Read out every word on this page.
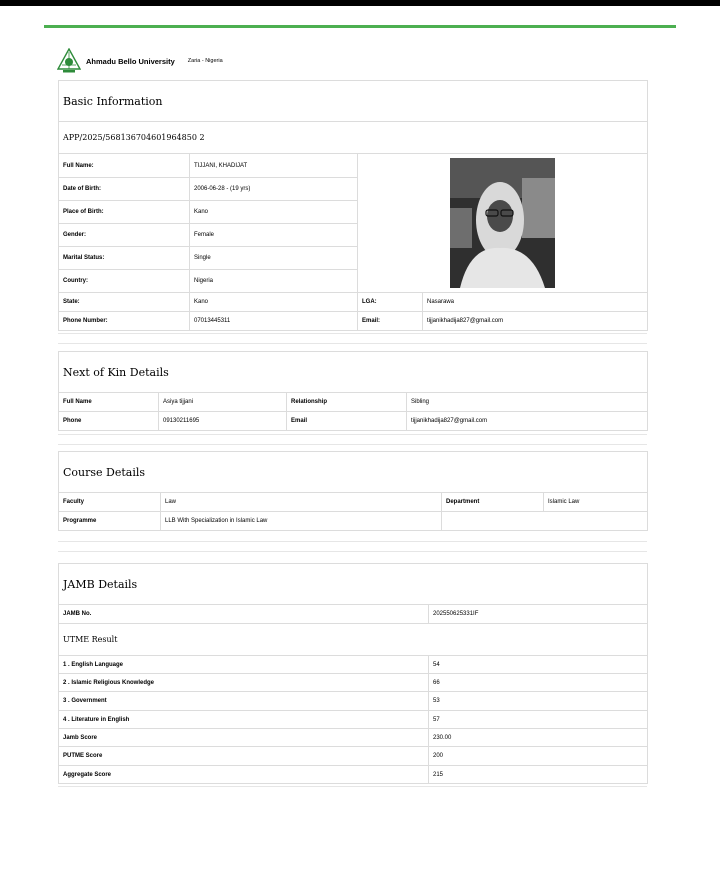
Ahmadu Bello University Zaria - Nigeria
Basic Information			
APP/2025/568136704601964850 2			
Full Name:	TIJJANI, KHADIJAT	

Date of Birth:	2006-06-28 - (19 yrs)		
Place of Birth:	Kano		
Gender:	Female		
Marital Status:	Single		
Country:	Nigeria		
State:	Kano	LGA:	Nasarawa
Phone Number:	07013445311	Email:	tijjanikhadija827@gmail.com
Next of Kin Details			
Full Name	Asiya tijjani	Relationship	Sibling
Phone	09130211695	Email	tijjanikhadija827@gmail.com
Course Details			
Faculty	Law	Department	Islamic Law
Programme	LLB With Specialization in Islamic Law		
JAMB Details	
JAMB No.	202550625331IF
UTME Result	
1 . English Language	54
2 . Islamic Religious Knowledge	66
3 . Government	53
4 . Literature in English	57
Jamb Score	230.00
PUTME Score	200
Aggregate Score	215
